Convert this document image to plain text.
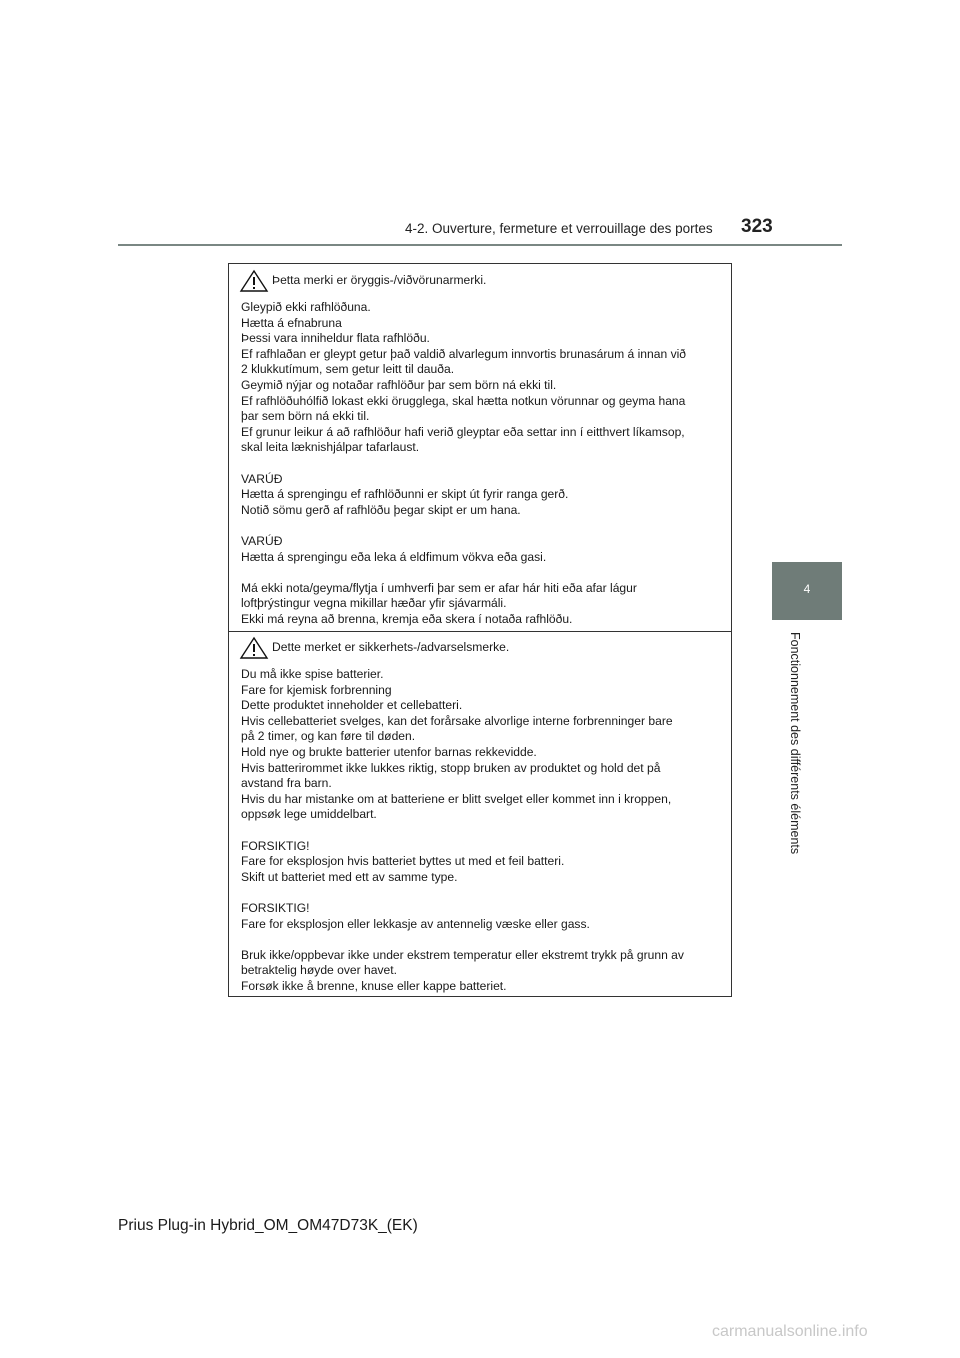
4-2. Ouverture, fermeture et verrouillage des portes 323
4
Fonctionnement des différents éléments
Þetta merki er öryggis-/viðvörunarmerki.
Gleypið ekki rafhlöðuna.
Hætta á efnabruna
Þessi vara inniheldur flata rafhlöðu.
Ef rafhlaðan er gleypt getur það valdið alvarlegum innvortis brunasárum á innan við
2 klukkutímum, sem getur leitt til dauða.
Geymið nýjar og notaðar rafhlöður þar sem börn ná ekki til.
Ef rafhlöðuhólfið lokast ekki örugglega, skal hætta notkun vörunnar og geyma hana
þar sem börn ná ekki til.
Ef grunur leikur á að rafhlöður hafi verið gleyptar eða settar inn í eitthvert líkamsop,
skal leita læknishjálpar tafarlaust.
VARÚÐ
Hætta á sprengingu ef rafhlöðunni er skipt út fyrir ranga gerð.
Notið sömu gerð af rafhlöðu þegar skipt er um hana.
VARÚÐ
Hætta á sprengingu eða leka á eldfimum vökva eða gasi.
Má ekki nota/geyma/flytja í umhverfi þar sem er afar hár hiti eða afar lágur
loftþrýstingur vegna mikillar hæðar yfir sjávarmáli.
Ekki má reyna að brenna, kremja eða skera í notaða rafhlöðu.
Dette merket er sikkerhets-/advarselsmerke.
Du må ikke spise batterier.
Fare for kjemisk forbrenning
Dette produktet inneholder et cellebatteri.
Hvis cellebatteriet svelges, kan det forårsake alvorlige interne forbrenninger bare
på 2 timer, og kan føre til døden.
Hold nye og brukte batterier utenfor barnas rekkevidde.
Hvis batterirommet ikke lukkes riktig, stopp bruken av produktet og hold det på
avstand fra barn.
Hvis du har mistanke om at batteriene er blitt svelget eller kommet inn i kroppen,
oppsøk lege umiddelbart.
FORSIKTIG!
Fare for eksplosjon hvis batteriet byttes ut med et feil batteri.
Skift ut batteriet med ett av samme type.
FORSIKTIG!
Fare for eksplosjon eller lekkasje av antennelig væske eller gass.
Bruk ikke/oppbevar ikke under ekstrem temperatur eller ekstremt trykk på grunn av
betraktelig høyde over havet.
Forsøk ikke å brenne, knuse eller kappe batteriet.
Prius Plug-in Hybrid_OM_OM47D73K_(EK)
carmanualsonline.info
